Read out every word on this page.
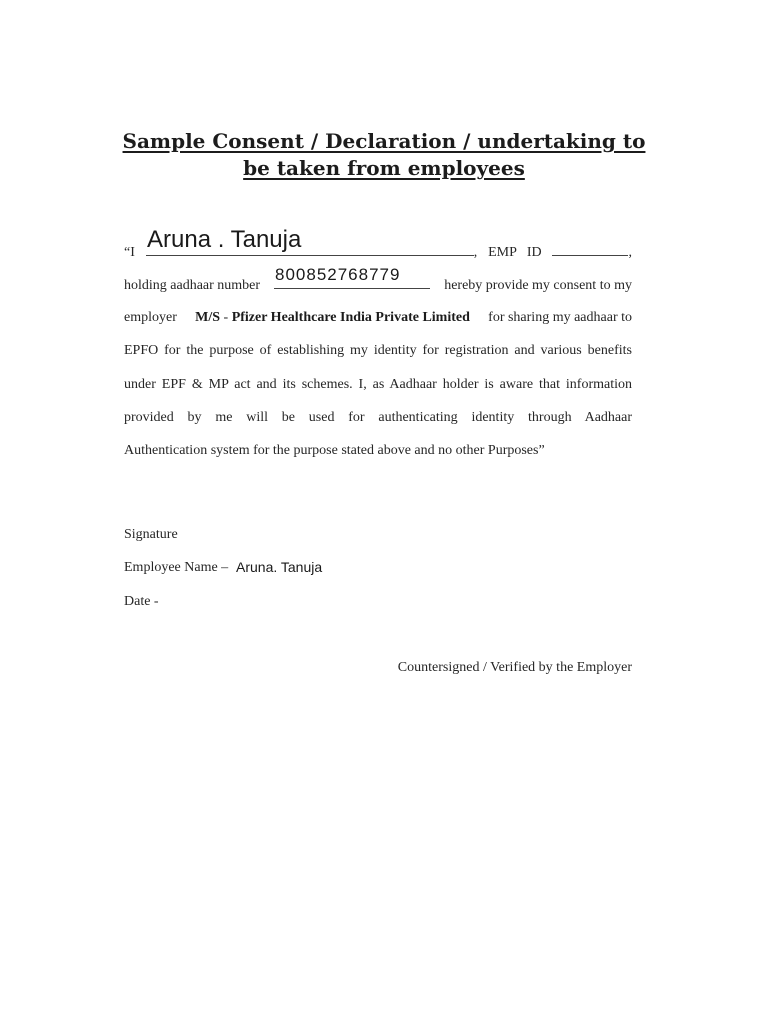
Sample Consent / Declaration / undertaking to
be taken from employees
“I	, EMP   ID	,
Aruna . Tanuja
holding aadhaar number	hereby provide my consent to my
800852768779
employer M/S - Pfizer Healthcare India Private Limited for sharing my aadhaar to
EPFO for the purpose of establishing my identity for registration and various benefits
under EPF & MP act and its schemes. I, as Aadhaar holder is aware that information
provided by me will be used for authenticating identity through Aadhaar
Authentication system for the purpose stated above and no other Purposes”
Signature
Employee Name – Aruna. Tanuja
Date -
Countersigned / Verified by the Employer
